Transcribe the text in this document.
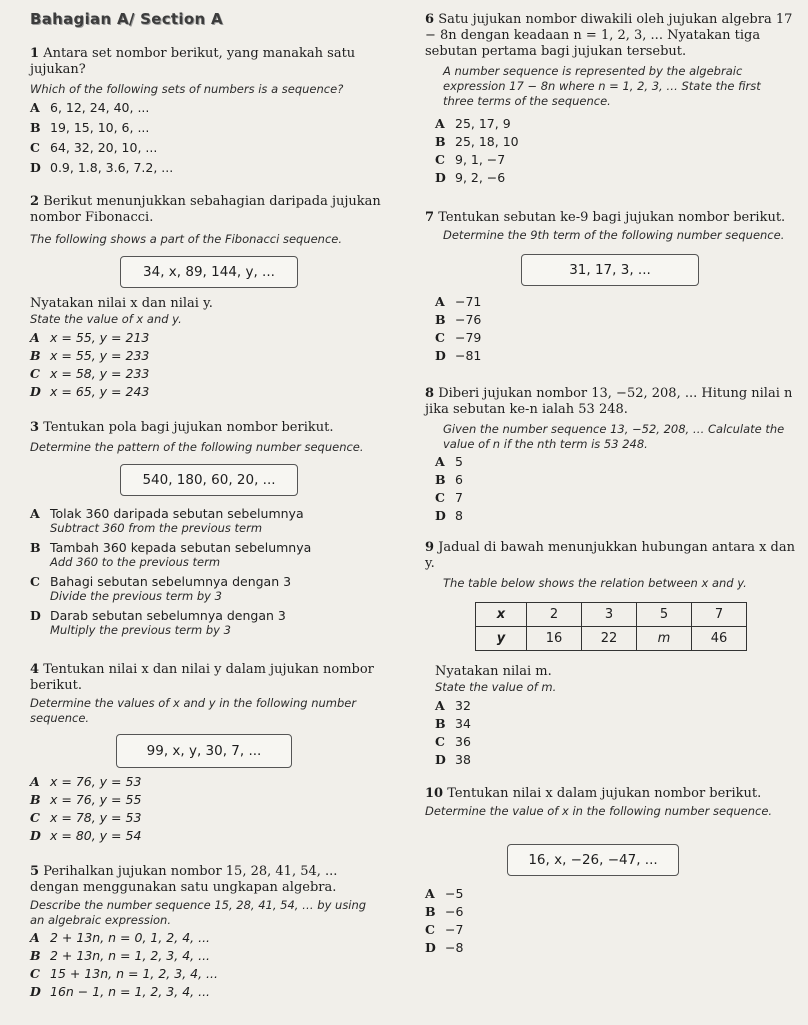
Bahagian A/ Section A
1 Antara set nombor berikut, yang manakah satu jujukan?
Which of the following sets of numbers is a sequence?
A 6, 12, 24, 40, ...
B 19, 15, 10, 6, ...
C 64, 32, 20, 10, ...
D 0.9, 1.8, 3.6, 7.2, ...
2 Berikut menunjukkan sebahagian daripada jujukan nombor Fibonacci.
The following shows a part of the Fibonacci sequence.
34, x, 89, 144, y, ...
Nyatakan nilai x dan nilai y.
State the value of x and y.
A x = 55, y = 213
B x = 55, y = 233
C x = 58, y = 233
D x = 65, y = 243
3 Tentukan pola bagi jujukan nombor berikut.
Determine the pattern of the following number sequence.
540, 180, 60, 20, ...
A Tolak 360 daripada sebutan sebelumnya
Subtract 360 from the previous term
B Tambah 360 kepada sebutan sebelumnya
Add 360 to the previous term
C Bahagi sebutan sebelumnya dengan 3
Divide the previous term by 3
D Darab sebutan sebelumnya dengan 3
Multiply the previous term by 3
4 Tentukan nilai x dan nilai y dalam jujukan nombor berikut.
Determine the values of x and y in the following number sequence.
99, x, y, 30, 7, ...
A x = 76, y = 53
B x = 76, y = 55
C x = 78, y = 53
D x = 80, y = 54
5 Perihalkan jujukan nombor 15, 28, 41, 54, ... dengan menggunakan satu ungkapan algebra.
Describe the number sequence 15, 28, 41, 54, … by using an algebraic expression.
A 2 + 13n, n = 0, 1, 2, 4, ...
B 2 + 13n, n = 1, 2, 3, 4, ...
C 15 + 13n, n = 1, 2, 3, 4, ...
D 16n − 1, n = 1, 2, 3, 4, ...
6 Satu jujukan nombor diwakili oleh jujukan algebra 17 − 8n dengan keadaan n = 1, 2, 3, ... Nyatakan tiga sebutan pertama bagi jujukan tersebut.
A number sequence is represented by the algebraic expression 17 − 8n where n = 1, 2, 3, … State the first three terms of the sequence.
A 25, 17, 9
B 25, 18, 10
C 9, 1, −7
D 9, 2, −6
7 Tentukan sebutan ke-9 bagi jujukan nombor berikut.
Determine the 9th term of the following number sequence.
31, 17, 3, ...
A −71
B −76
C −79
D −81
8 Diberi jujukan nombor 13, −52, 208, ... Hitung nilai n jika sebutan ke-n ialah 53 248.
Given the number sequence 13, −52, 208, … Calculate the value of n if the nth term is 53 248.
A 5
B 6
C 7
D 8
9 Jadual di bawah menunjukkan hubungan antara x dan y.
The table below shows the relation between x and y.
x	2	3	5	7
y	16	22	m	46
Nyatakan nilai m.
State the value of m.
A 32
B 34
C 36
D 38
10 Tentukan nilai x dalam jujukan nombor berikut.
Determine the value of x in the following number sequence.
16, x, −26, −47, ...
A −5
B −6
C −7
D −8
